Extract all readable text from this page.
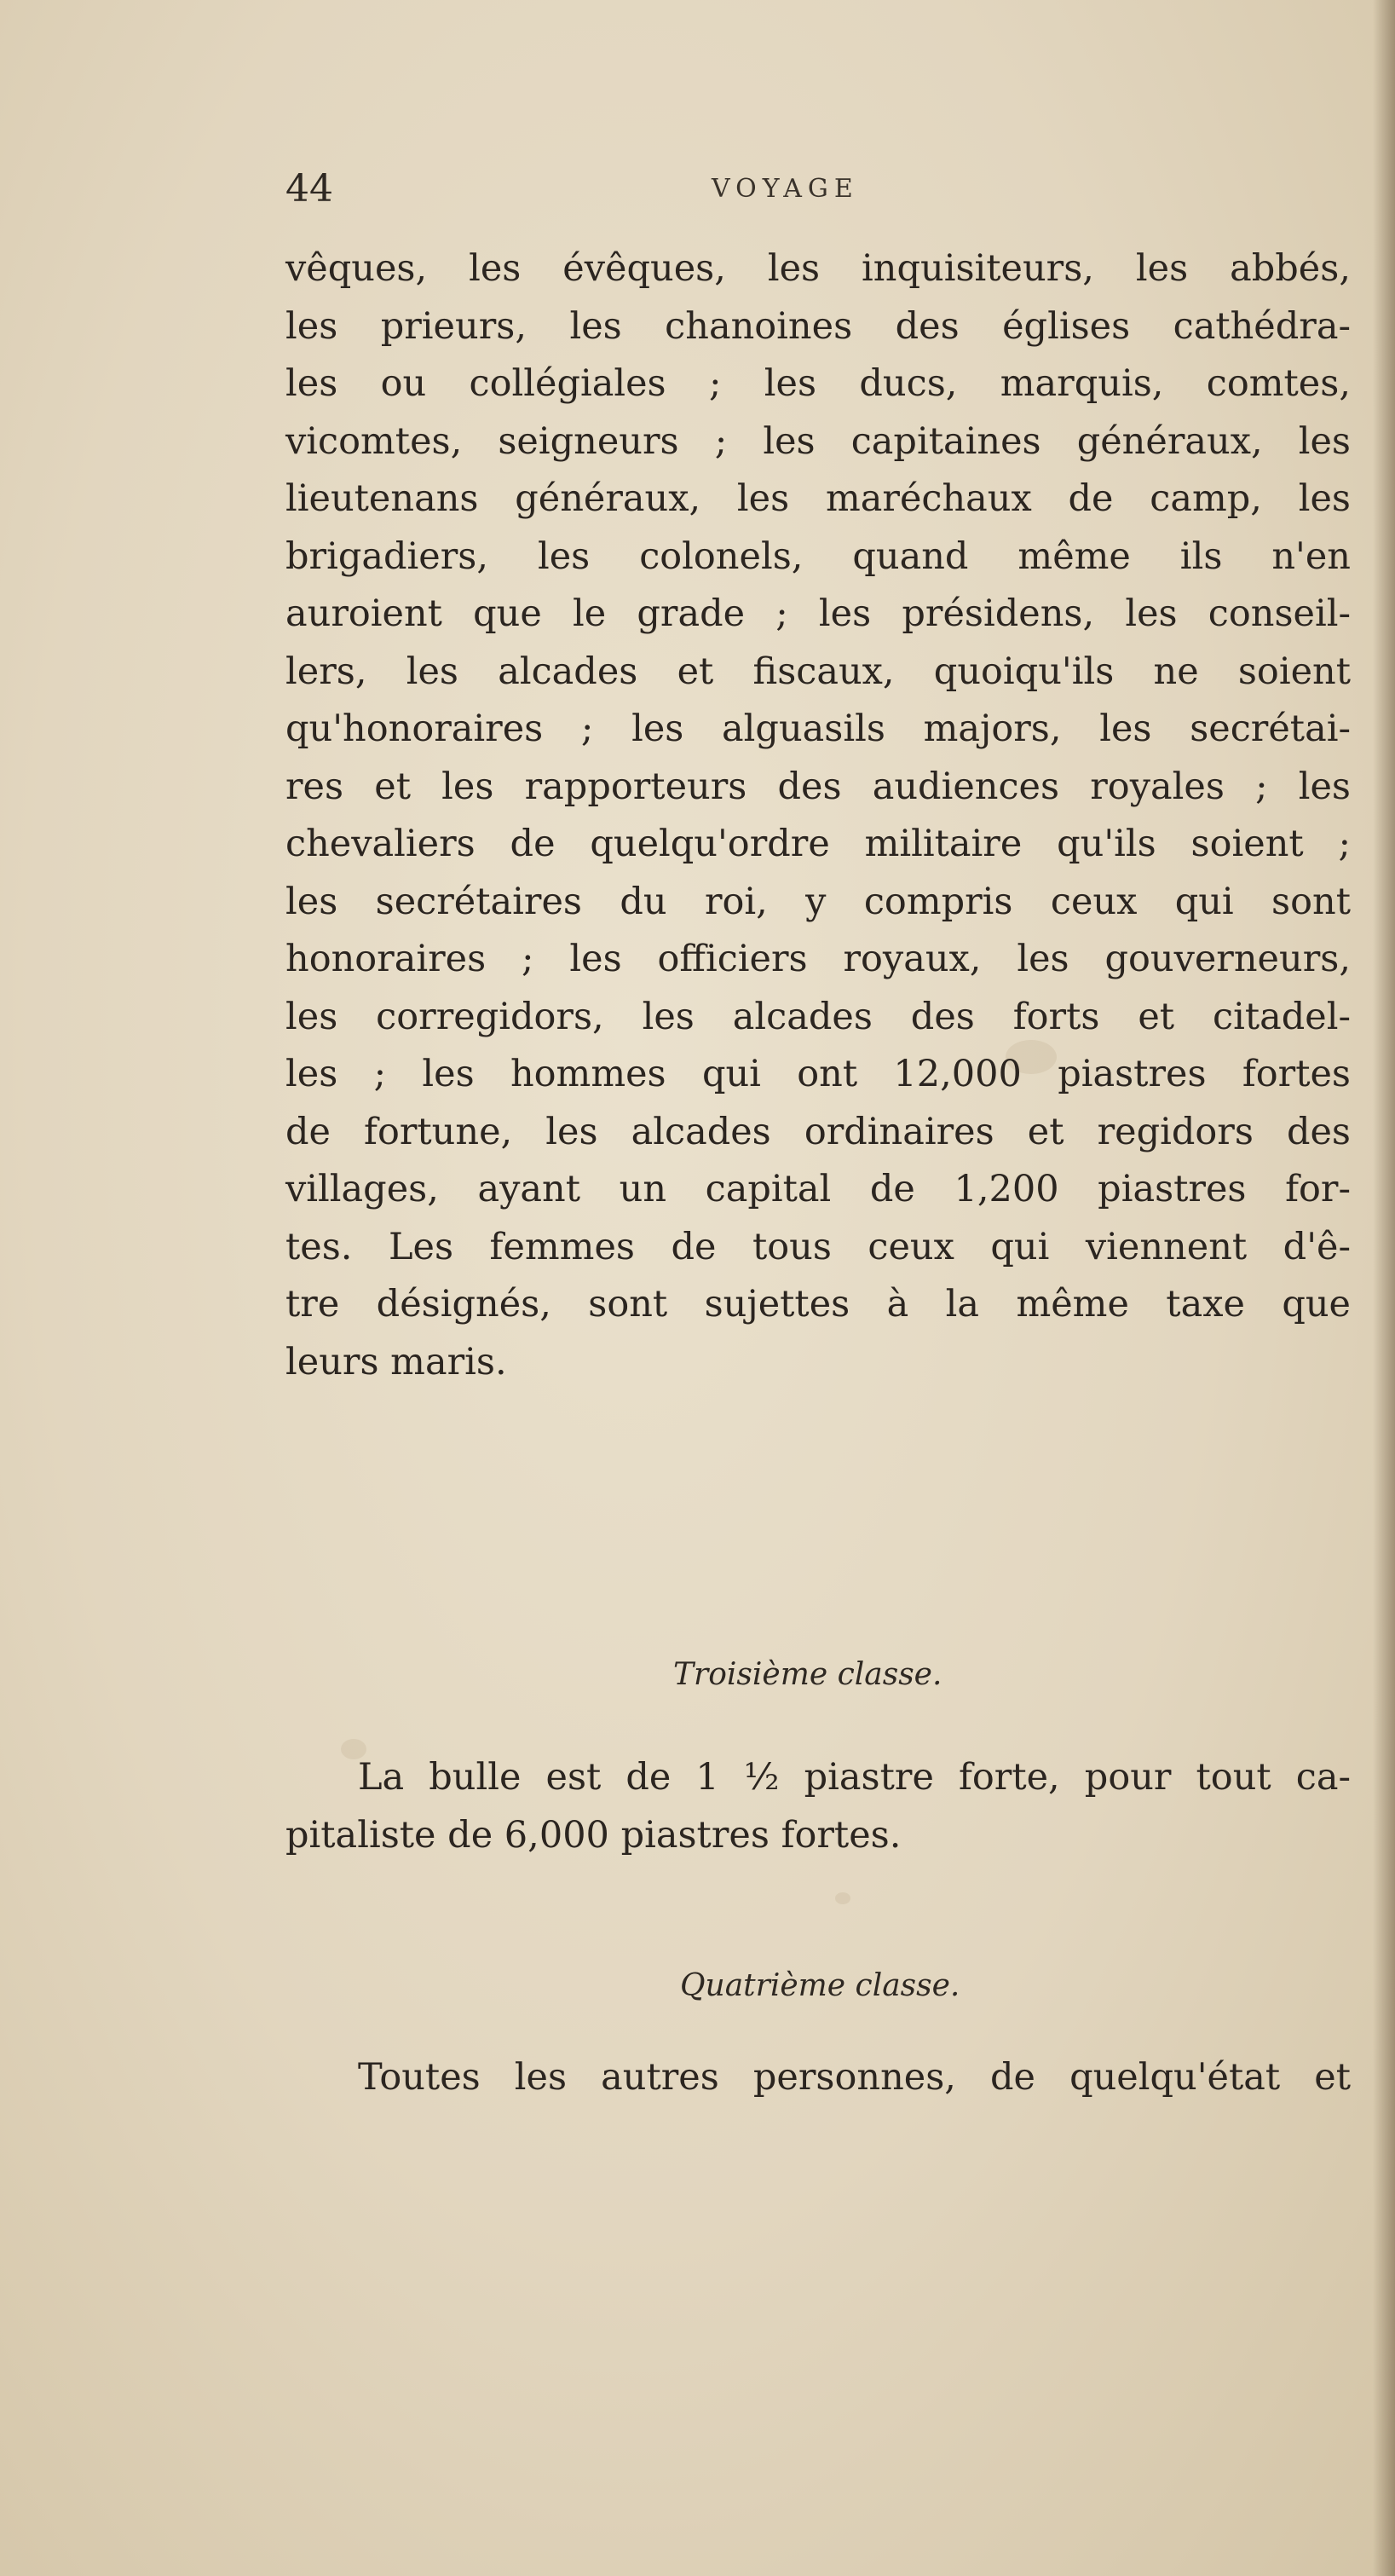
44	VOYAGE
vêques, les évêques, les inquisiteurs, les abbés,
les prieurs, les chanoines des églises cathédra-
les ou collégiales ; les ducs, marquis, comtes,
vicomtes, seigneurs ; les capitaines généraux, les
lieutenans généraux, les maréchaux de camp, les
brigadiers, les colonels, quand même ils n'en
auroient que le grade ; les présidens, les conseil-
lers, les alcades et fiscaux, quoiqu'ils ne soient
qu'honoraires ; les alguasils majors, les secrétai-
res et les rapporteurs des audiences royales ; les
chevaliers de quelqu'ordre militaire qu'ils soient ;
les secrétaires du roi, y compris ceux qui sont
honoraires ; les officiers royaux, les gouverneurs,
les corregidors, les alcades des forts et citadel-
les ; les hommes qui ont 12,000 piastres fortes
de fortune, les alcades ordinaires et regidors des
villages, ayant un capital de 1,200 piastres for-
tes. Les femmes de tous ceux qui viennent d'ê-
tre désignés, sont sujettes à la même taxe que
leurs maris.
Troisième classe.
La bulle est de 1 ½ piastre forte, pour tout ca-
pitaliste de 6,000 piastres fortes.
Quatrième classe.
Toutes les autres personnes, de quelqu'état et
